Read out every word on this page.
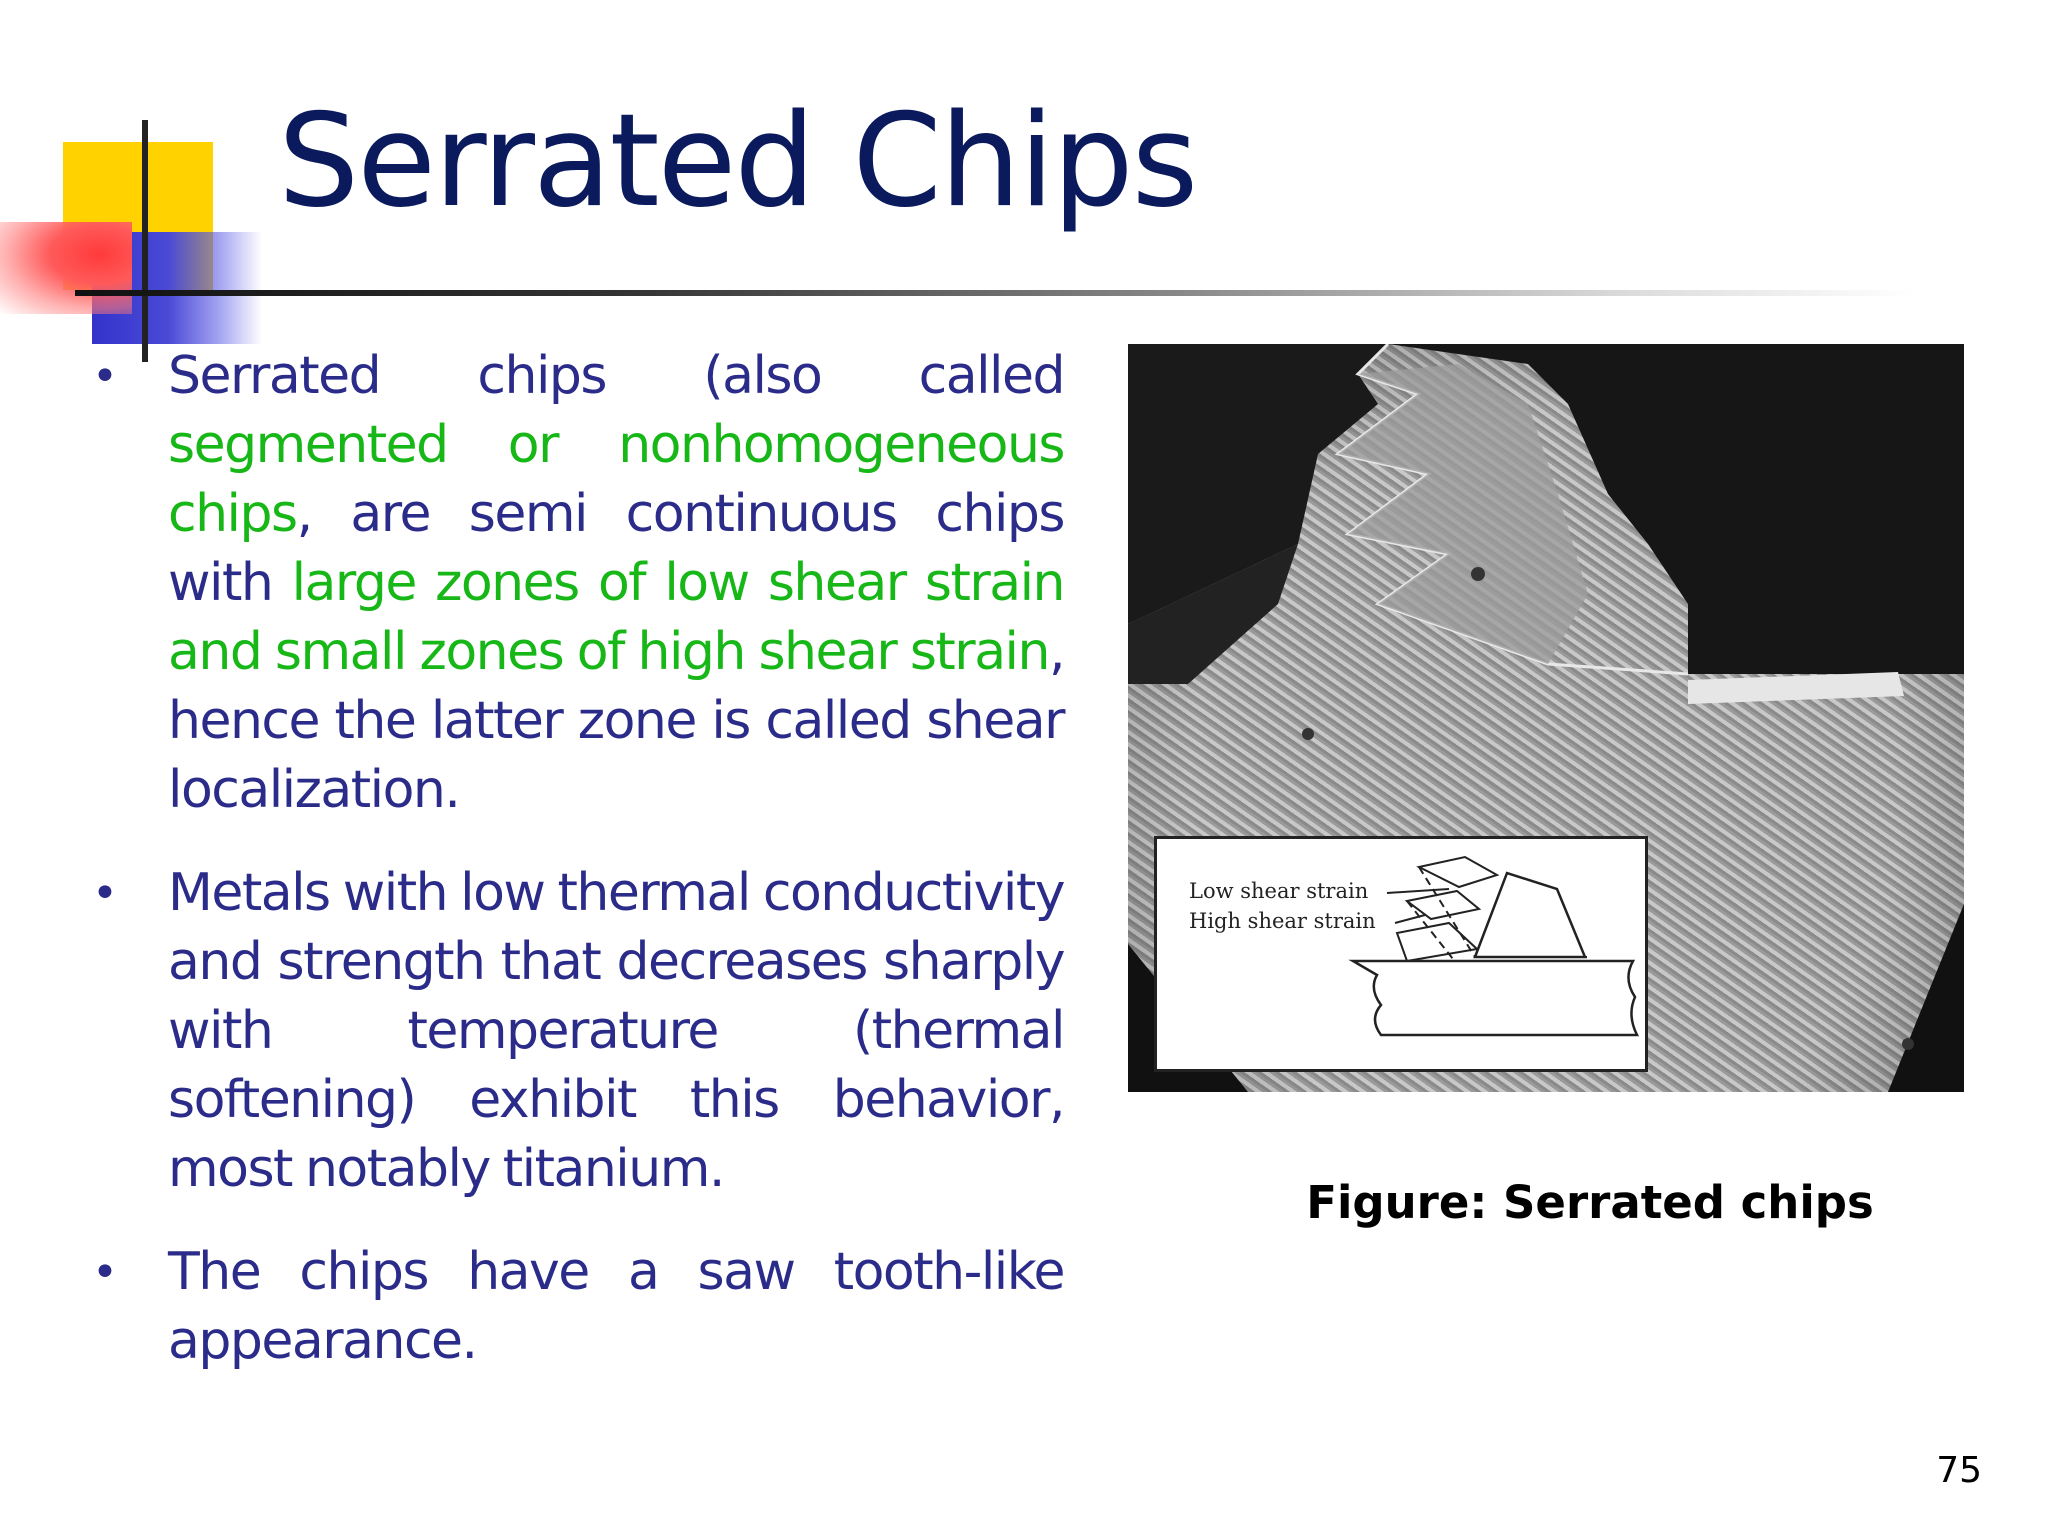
Serrated Chips
• Serrated chips (also called segmented or nonhomogeneous chips, are semi continuous chips with large zones of low shear strain and small zones of high shear strain, hence the latter zone is called shear localization.
• Metals with low thermal conductivity and strength that decreases sharply with temperature (thermal softening) exhibit this behavior, most notably titanium.
• The chips have a saw tooth-like appearance.
Low shear strain
High shear strain
Figure: Serrated chips
75
